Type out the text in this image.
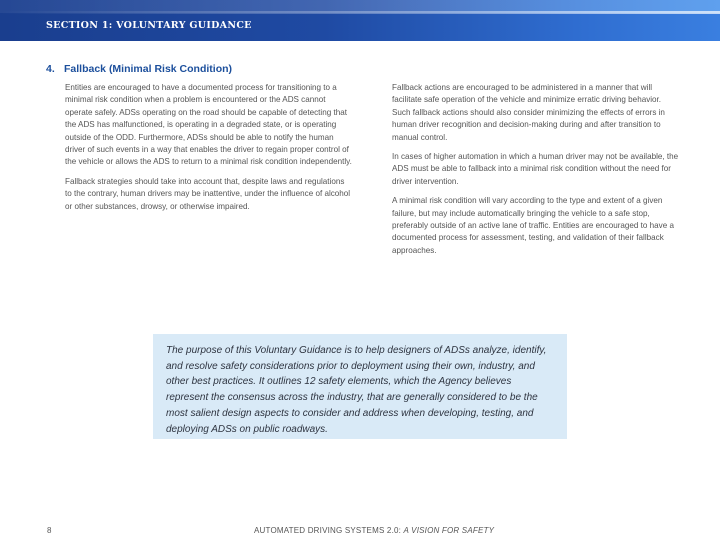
SECTION 1: VOLUNTARY GUIDANCE
4. Fallback (Minimal Risk Condition)

Entities are encouraged to have a documented process for transitioning to a minimal risk condition when a problem is encountered or the ADS cannot operate safely. ADSs operating on the road should be capable of detecting that the ADS has malfunctioned, is operating in a degraded state, or is operating outside of the ODD. Furthermore, ADSs should be able to notify the human driver of such events in a way that enables the driver to regain proper control of the vehicle or allows the ADS to return to a minimal risk condition independently.

Fallback strategies should take into account that, despite laws and regulations to the contrary, human drivers may be inattentive, under the influence of alcohol or other substances, drowsy, or otherwise impaired.

Fallback actions are encouraged to be administered in a manner that will facilitate safe operation of the vehicle and minimize erratic driving behavior. Such fallback actions should also consider minimizing the effects of errors in human driver recognition and decision-making during and after transition to manual control.

In cases of higher automation in which a human driver may not be available, the ADS must be able to fallback into a minimal risk condition without the need for driver intervention.

A minimal risk condition will vary according to the type and extent of a given failure, but may include automatically bringing the vehicle to a safe stop, preferably outside of an active lane of traffic. Entities are encouraged to have a documented process for assessment, testing, and validation of their fallback approaches.

The purpose of this Voluntary Guidance is to help designers of ADSs analyze, identify, and resolve safety considerations prior to deployment using their own, industry, and other best practices. It outlines 12 safety elements, which the Agency believes represent the consensus across the industry, that are generally considered to be the most salient design aspects to consider and address when developing, testing, and deploying ADSs on public roadways.

8	AUTOMATED DRIVING SYSTEMS 2.0: A VISION FOR SAFETY
